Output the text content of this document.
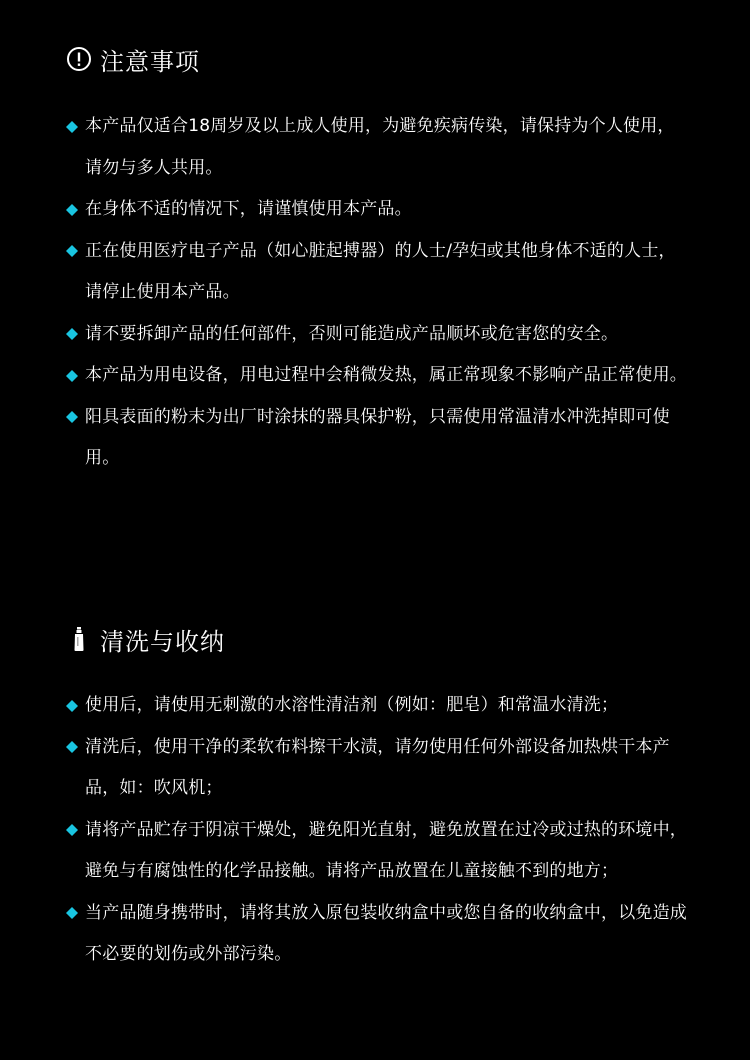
注意事项
本产品仅适合18周岁及以上成人使用，为避免疾病传染，请保持为个人使用，请勿与多人共用。
在身体不适的情况下，请谨慎使用本产品。
正在使用医疗电子产品（如心脏起搏器）的人士/孕妇或其他身体不适的人士，请停止使用本产品。
请不要拆卸产品的任何部件，否则可能造成产品顺坏或危害您的安全。
本产品为用电设备，用电过程中会稍微发热，属正常现象不影响产品正常使用。
阳具表面的粉末为出厂时涂抹的器具保护粉，只需使用常温清水冲洗掉即可使用。
清洗与收纳
使用后，请使用无刺激的水溶性清洁剂（例如：肥皂）和常温水清洗；
清洗后，使用干净的柔软布料擦干水渍，请勿使用任何外部设备加热烘干本产品，如：吹风机；
请将产品贮存于阴凉干燥处，避免阳光直射，避免放置在过冷或过热的环境中，避免与有腐蚀性的化学品接触。请将产品放置在儿童接触不到的地方；
当产品随身携带时，请将其放入原包装收纳盒中或您自备的收纳盒中，以免造成不必要的划伤或外部污染。
